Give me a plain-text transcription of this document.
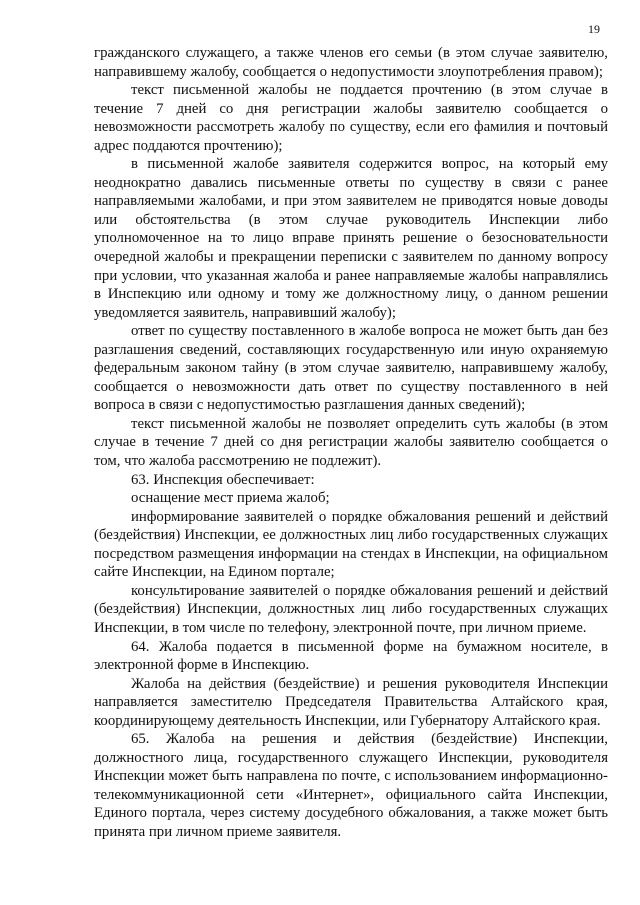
19

гражданского служащего, а также членов его семьи (в этом случае заявителю, направившему жалобу, сообщается о недопустимости злоупотребления правом);

текст письменной жалобы не поддается прочтению (в этом случае в течение 7 дней со дня регистрации жалобы заявителю сообщается о невозможности рассмотреть жалобу по существу, если его фамилия и почтовый адрес поддаются прочтению);

в письменной жалобе заявителя содержится вопрос, на который ему неоднократно давались письменные ответы по существу в связи с ранее направляемыми жалобами, и при этом заявителем не приводятся новые доводы или обстоятельства (в этом случае руководитель Инспекции либо уполномоченное на то лицо вправе принять решение о безосновательности очередной жалобы и прекращении переписки с заявителем по данному вопросу при условии, что указанная жалоба и ранее направляемые жалобы направлялись в Инспекцию или одному и тому же должностному лицу, о данном решении уведомляется заявитель, направивший жалобу);

ответ по существу поставленного в жалобе вопроса не может быть дан без разглашения сведений, составляющих государственную или иную охраняемую федеральным законом тайну (в этом случае заявителю, направившему жалобу, сообщается о невозможности дать ответ по существу поставленного в ней вопроса в связи с недопустимостью разглашения данных сведений);

текст письменной жалобы не позволяет определить суть жалобы (в этом случае в течение 7 дней со дня регистрации жалобы заявителю сообщается о том, что жалоба рассмотрению не подлежит).

63. Инспекция обеспечивает:

оснащение мест приема жалоб;

информирование заявителей о порядке обжалования решений и действий (бездействия) Инспекции, ее должностных лиц либо государственных служащих посредством размещения информации на стендах в Инспекции, на официальном сайте Инспекции, на Едином портале;

консультирование заявителей о порядке обжалования решений и действий (бездействия) Инспекции, должностных лиц либо государственных служащих Инспекции, в том числе по телефону, электронной почте, при личном приеме.

64. Жалоба подается в письменной форме на бумажном носителе, в электронной форме в Инспекцию.

Жалоба на действия (бездействие) и решения руководителя Инспекции направляется заместителю Председателя Правительства Алтайского края, координирующему деятельность Инспекции, или Губернатору Алтайского края.

65. Жалоба на решения и действия (бездействие) Инспекции, должностного лица, государственного служащего Инспекции, руководителя Инспекции может быть направлена по почте, с использованием информационно-телекоммуникационной сети «Интернет», официального сайта Инспекции, Единого портала, через систему досудебного обжалования, а также может быть принята при личном приеме заявителя.
